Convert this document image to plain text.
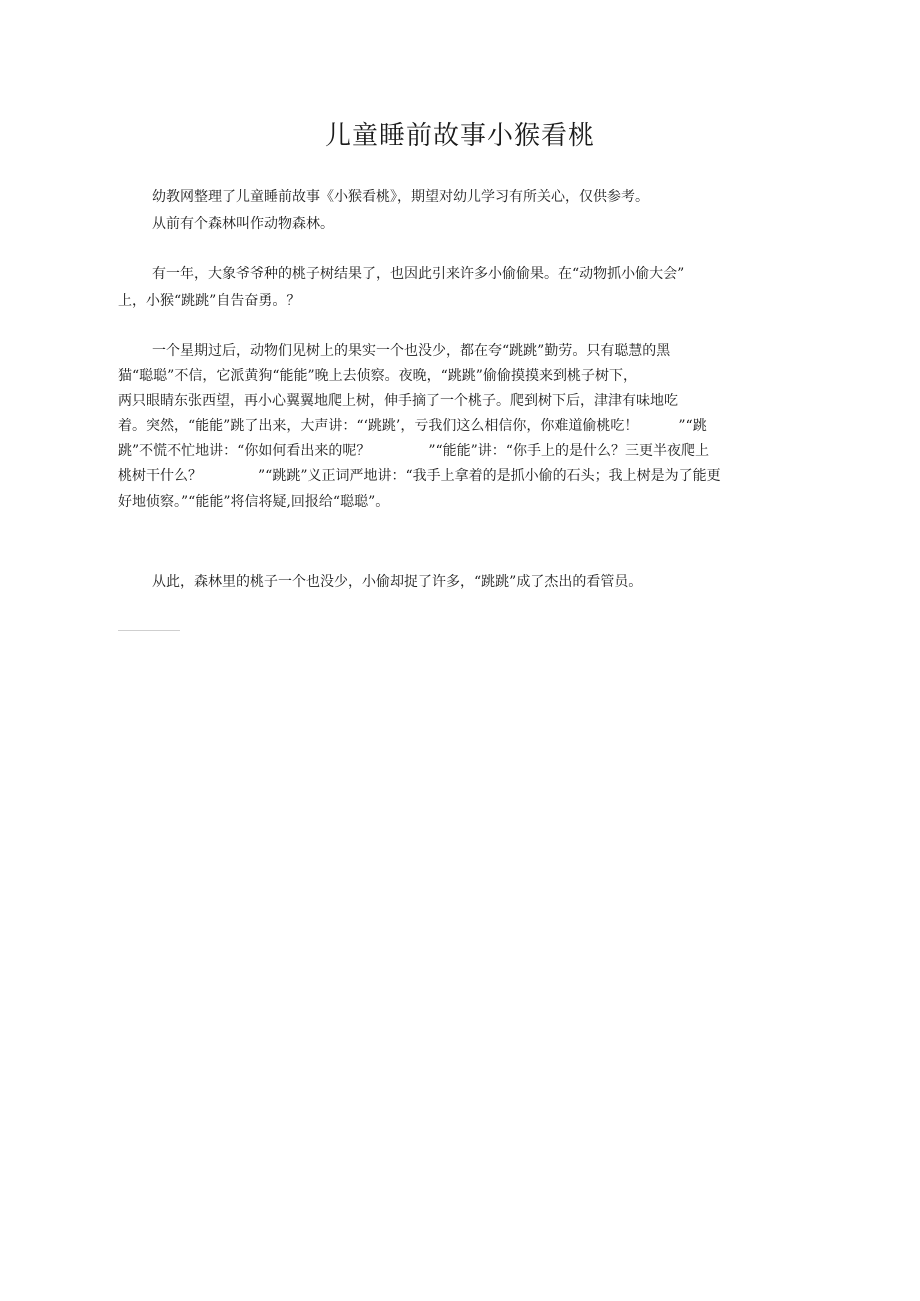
儿童睡前故事小猴看桃

幼教网整理了儿童睡前故事《小猴看桃》，期望对幼儿学习有所关心，仅供参考。

从前有个森林叫作动物森林。

有一年，大象爷爷种的桃子树结果了，也因此引来许多小偷偷果。在“动物抓小偷大会”

上，小猴“跳跳”自告奋勇。？

一个星期过后，动物们见树上的果实一个也没少，都在夸“跳跳”勤劳。只有聪慧的黑

猫“聪聪”不信，它派黄狗“能能”晚上去侦察。夜晚，“跳跳”偷偷摸摸来到桃子树下，

两只眼睛东张西望，再小心翼翼地爬上树，伸手摘了一个桃子。爬到树下后，津津有味地吃

着。突然，“能能”跳了出来，大声讲：“‘跳跳’，亏我们这么相信你，你难道偷桃吃！	”“跳

跳”不慌不忙地讲：“你如何看出来的呢？	”“能能”讲：“你手上的是什么？三更半夜爬上

桃树干什么？	”“跳跳”义正词严地讲：“我手上拿着的是抓小偷的石头；我上树是为了能更

好地侦察。”“能能”将信将疑,回报给“聪聪”。

从此，森林里的桃子一个也没少，小偷却捉了许多，“跳跳”成了杰出的看管员。
